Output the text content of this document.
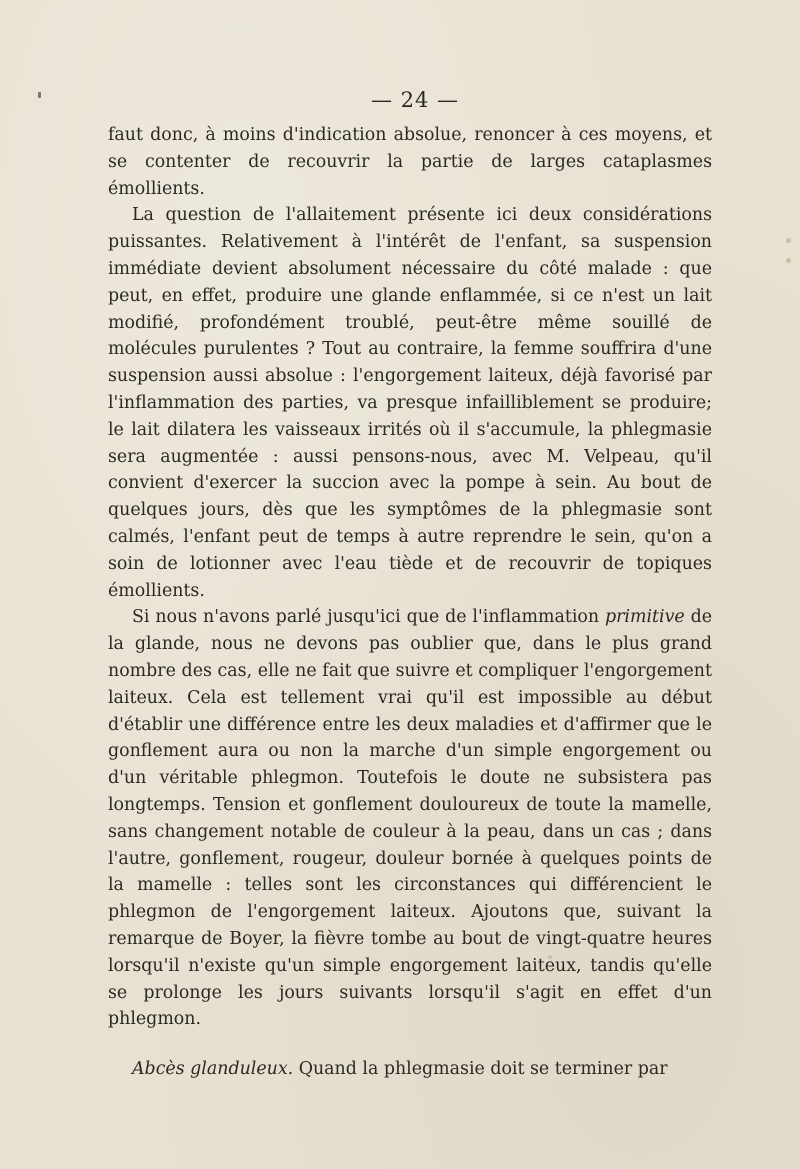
— 24 —

faut donc, à moins d'indication absolue, renoncer à ces moyens, et se contenter de recouvrir la partie de larges cataplasmes émollients.

La question de l'allaitement présente ici deux considérations puissantes. Relativement à l'intérêt de l'enfant, sa suspension immédiate devient absolument nécessaire du côté malade : que peut, en effet, produire une glande enflammée, si ce n'est un lait modifié, profondément troublé, peut-être même souillé de molécules purulentes ? Tout au contraire, la femme souffrira d'une suspension aussi absolue : l'engorgement laiteux, déjà favorisé par l'inflammation des parties, va presque infailliblement se produire; le lait dilatera les vaisseaux irrités où il s'accumule, la phlegmasie sera augmentée : aussi pensons-nous, avec M. Velpeau, qu'il convient d'exercer la succion avec la pompe à sein. Au bout de quelques jours, dès que les symptômes de la phlegmasie sont calmés, l'enfant peut de temps à autre reprendre le sein, qu'on a soin de lotionner avec l'eau tiède et de recouvrir de topiques émollients.

Si nous n'avons parlé jusqu'ici que de l'inflammation primitive de la glande, nous ne devons pas oublier que, dans le plus grand nombre des cas, elle ne fait que suivre et compliquer l'engorgement laiteux. Cela est tellement vrai qu'il est impossible au début d'établir une différence entre les deux maladies et d'affirmer que le gonflement aura ou non la marche d'un simple engorgement ou d'un véritable phlegmon. Toutefois le doute ne subsistera pas longtemps. Tension et gonflement douloureux de toute la mamelle, sans changement notable de couleur à la peau, dans un cas ; dans l'autre, gonflement, rougeur, douleur bornée à quelques points de la mamelle : telles sont les circonstances qui différencient le phlegmon de l'engorgement laiteux. Ajoutons que, suivant la remarque de Boyer, la fièvre tombe au bout de vingt-quatre heures lorsqu'il n'existe qu'un simple engorgement laiteux, tandis qu'elle se prolonge les jours suivants lorsqu'il s'agit en effet d'un phlegmon.

Abcès glanduleux. Quand la phlegmasie doit se terminer par
